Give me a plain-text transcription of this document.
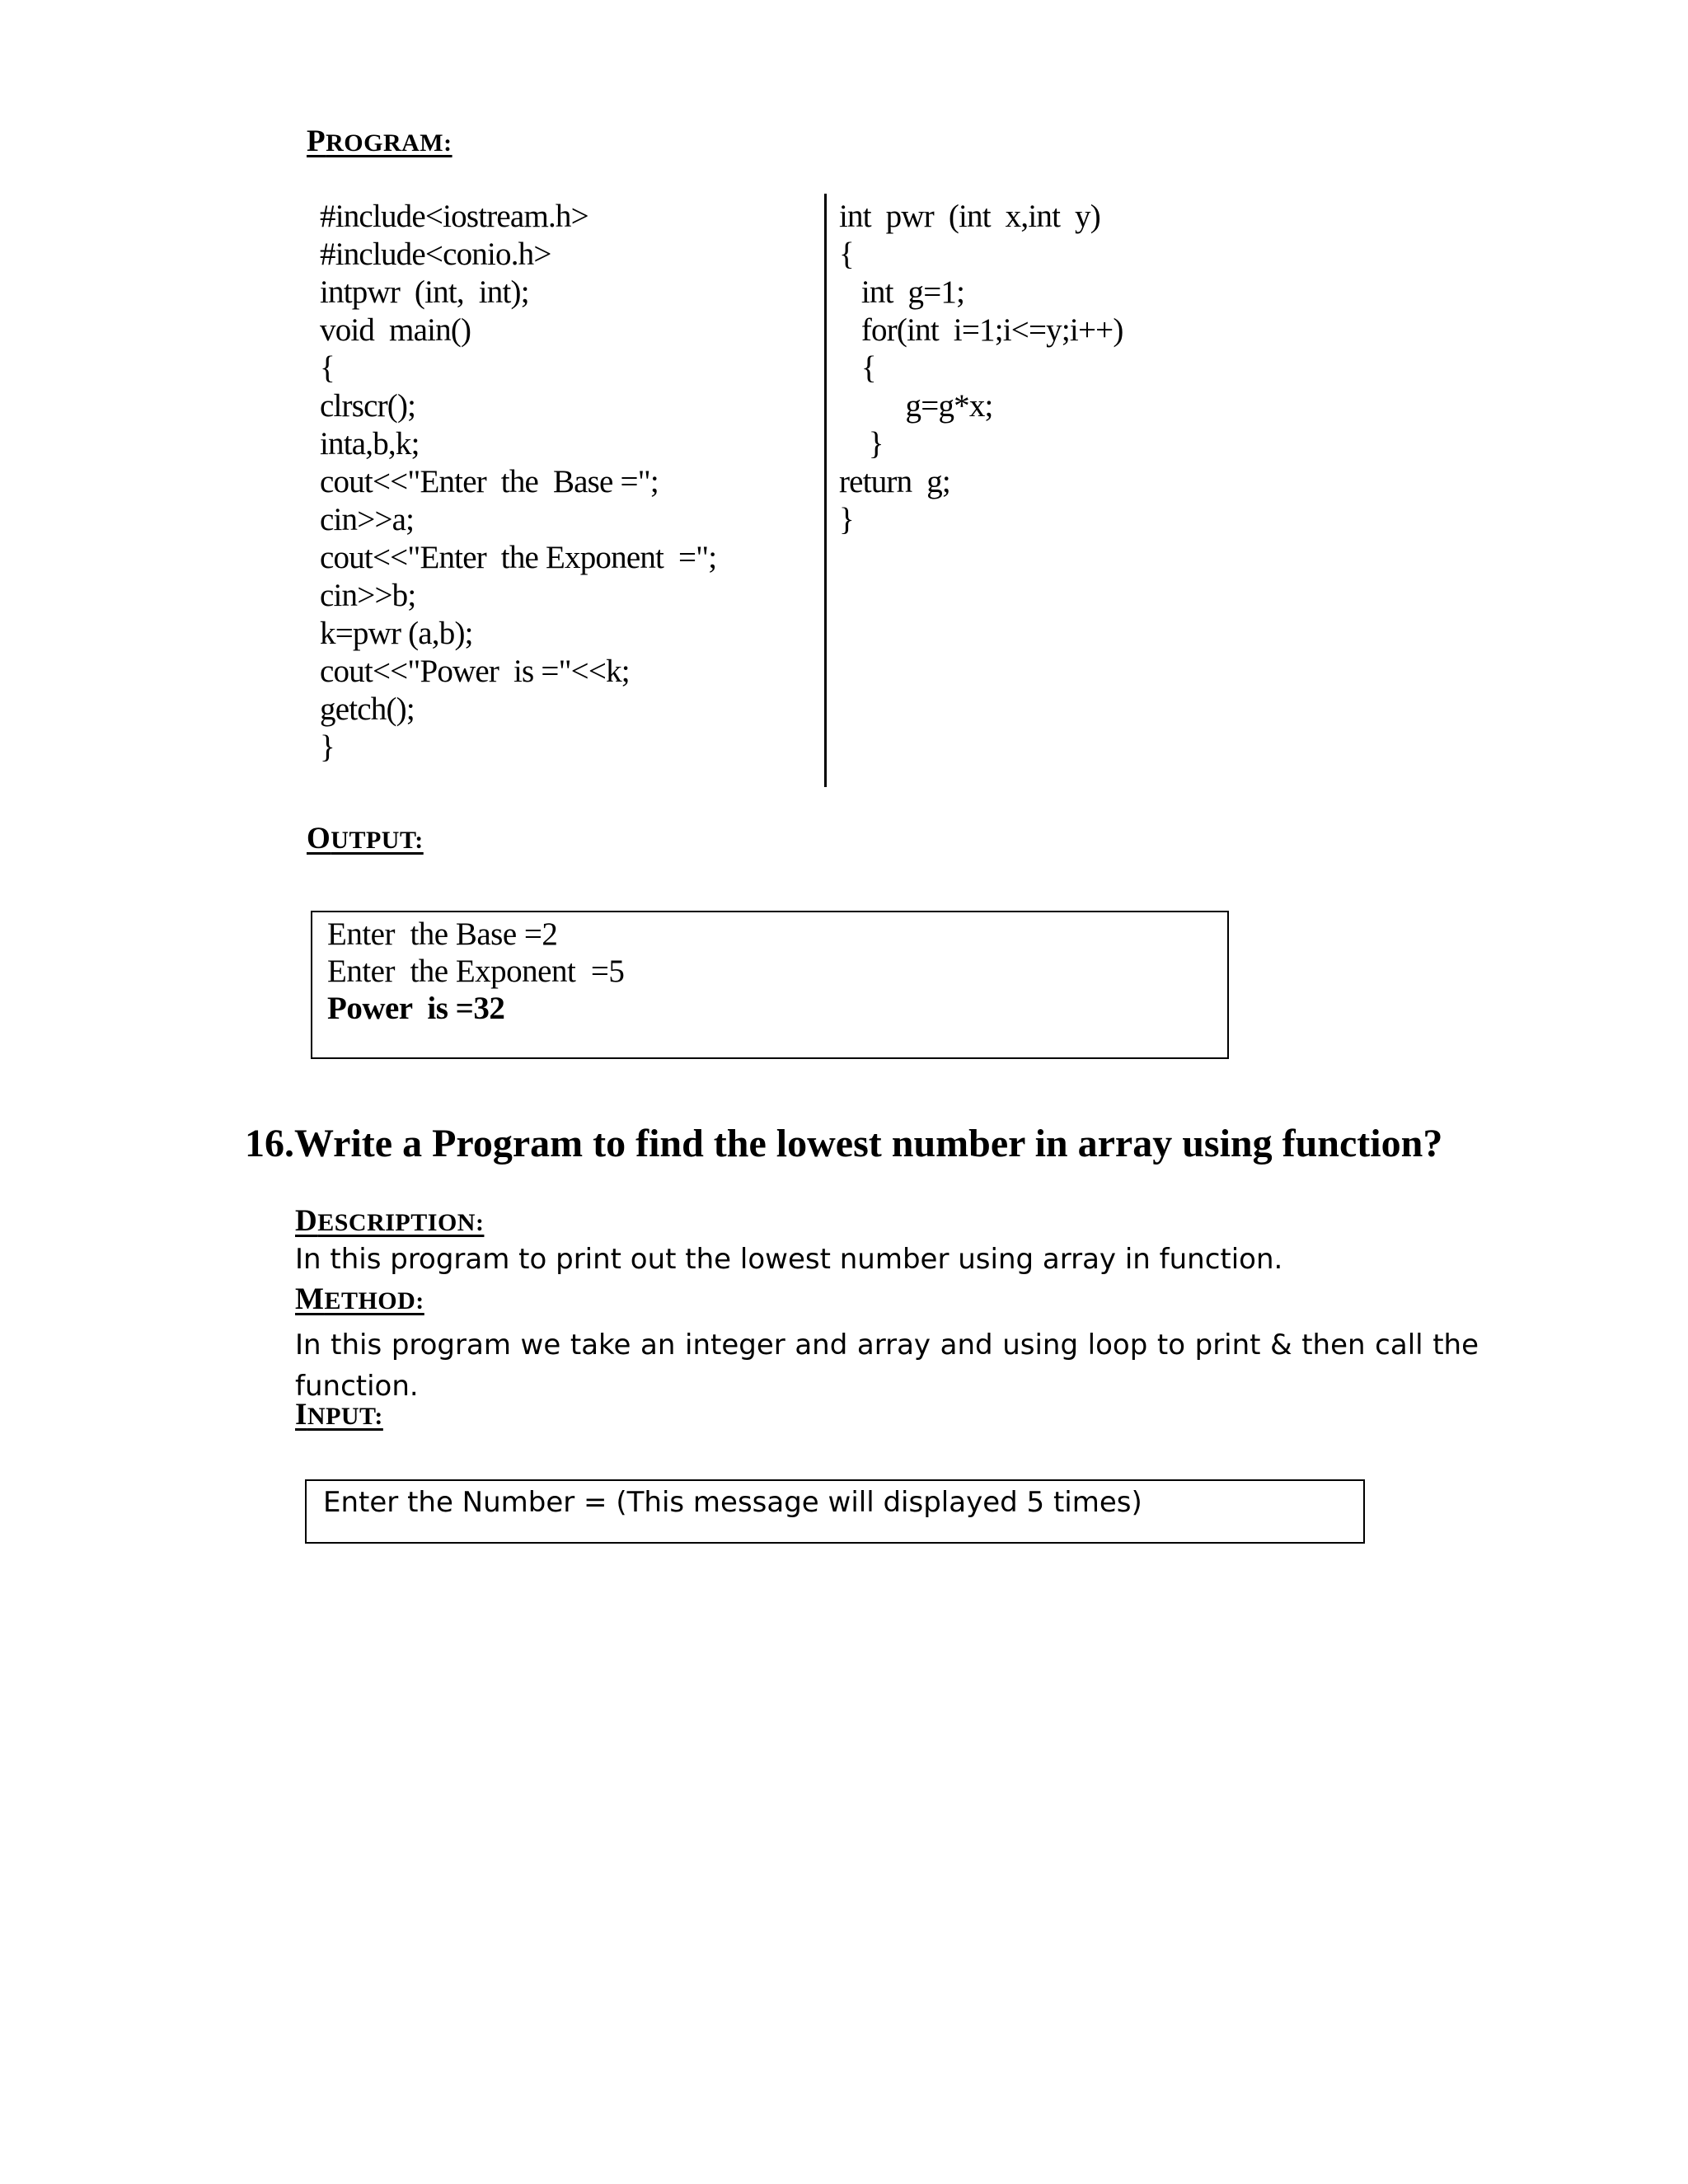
PROGRAM:
#include<iostream.h>
#include<conio.h>
intpwr  (int,  int);
void  main()
{
clrscr();
inta,b,k;
cout<<"Enter  the  Base =";
cin>>a;
cout<<"Enter  the Exponent  =";
cin>>b;
k=pwr (a,b);
cout<<"Power  is ="<<k;
getch();
}
int  pwr  (int  x,int  y)
{
int  g=1;
for(int  i=1;i<=y;i++)
{
g=g*x;
}
return  g;
}
OUTPUT:
Enter  the Base =2
Enter  the Exponent  =5
Power  is =32
16.Write a Program to find the lowest number in array using function?
DESCRIPTION:
In this program to print out the lowest number using array in function.
METHOD:
In this program we take an integer and array and using loop to print & then call the function.
INPUT:
Enter the Number = (This message will displayed 5 times)
